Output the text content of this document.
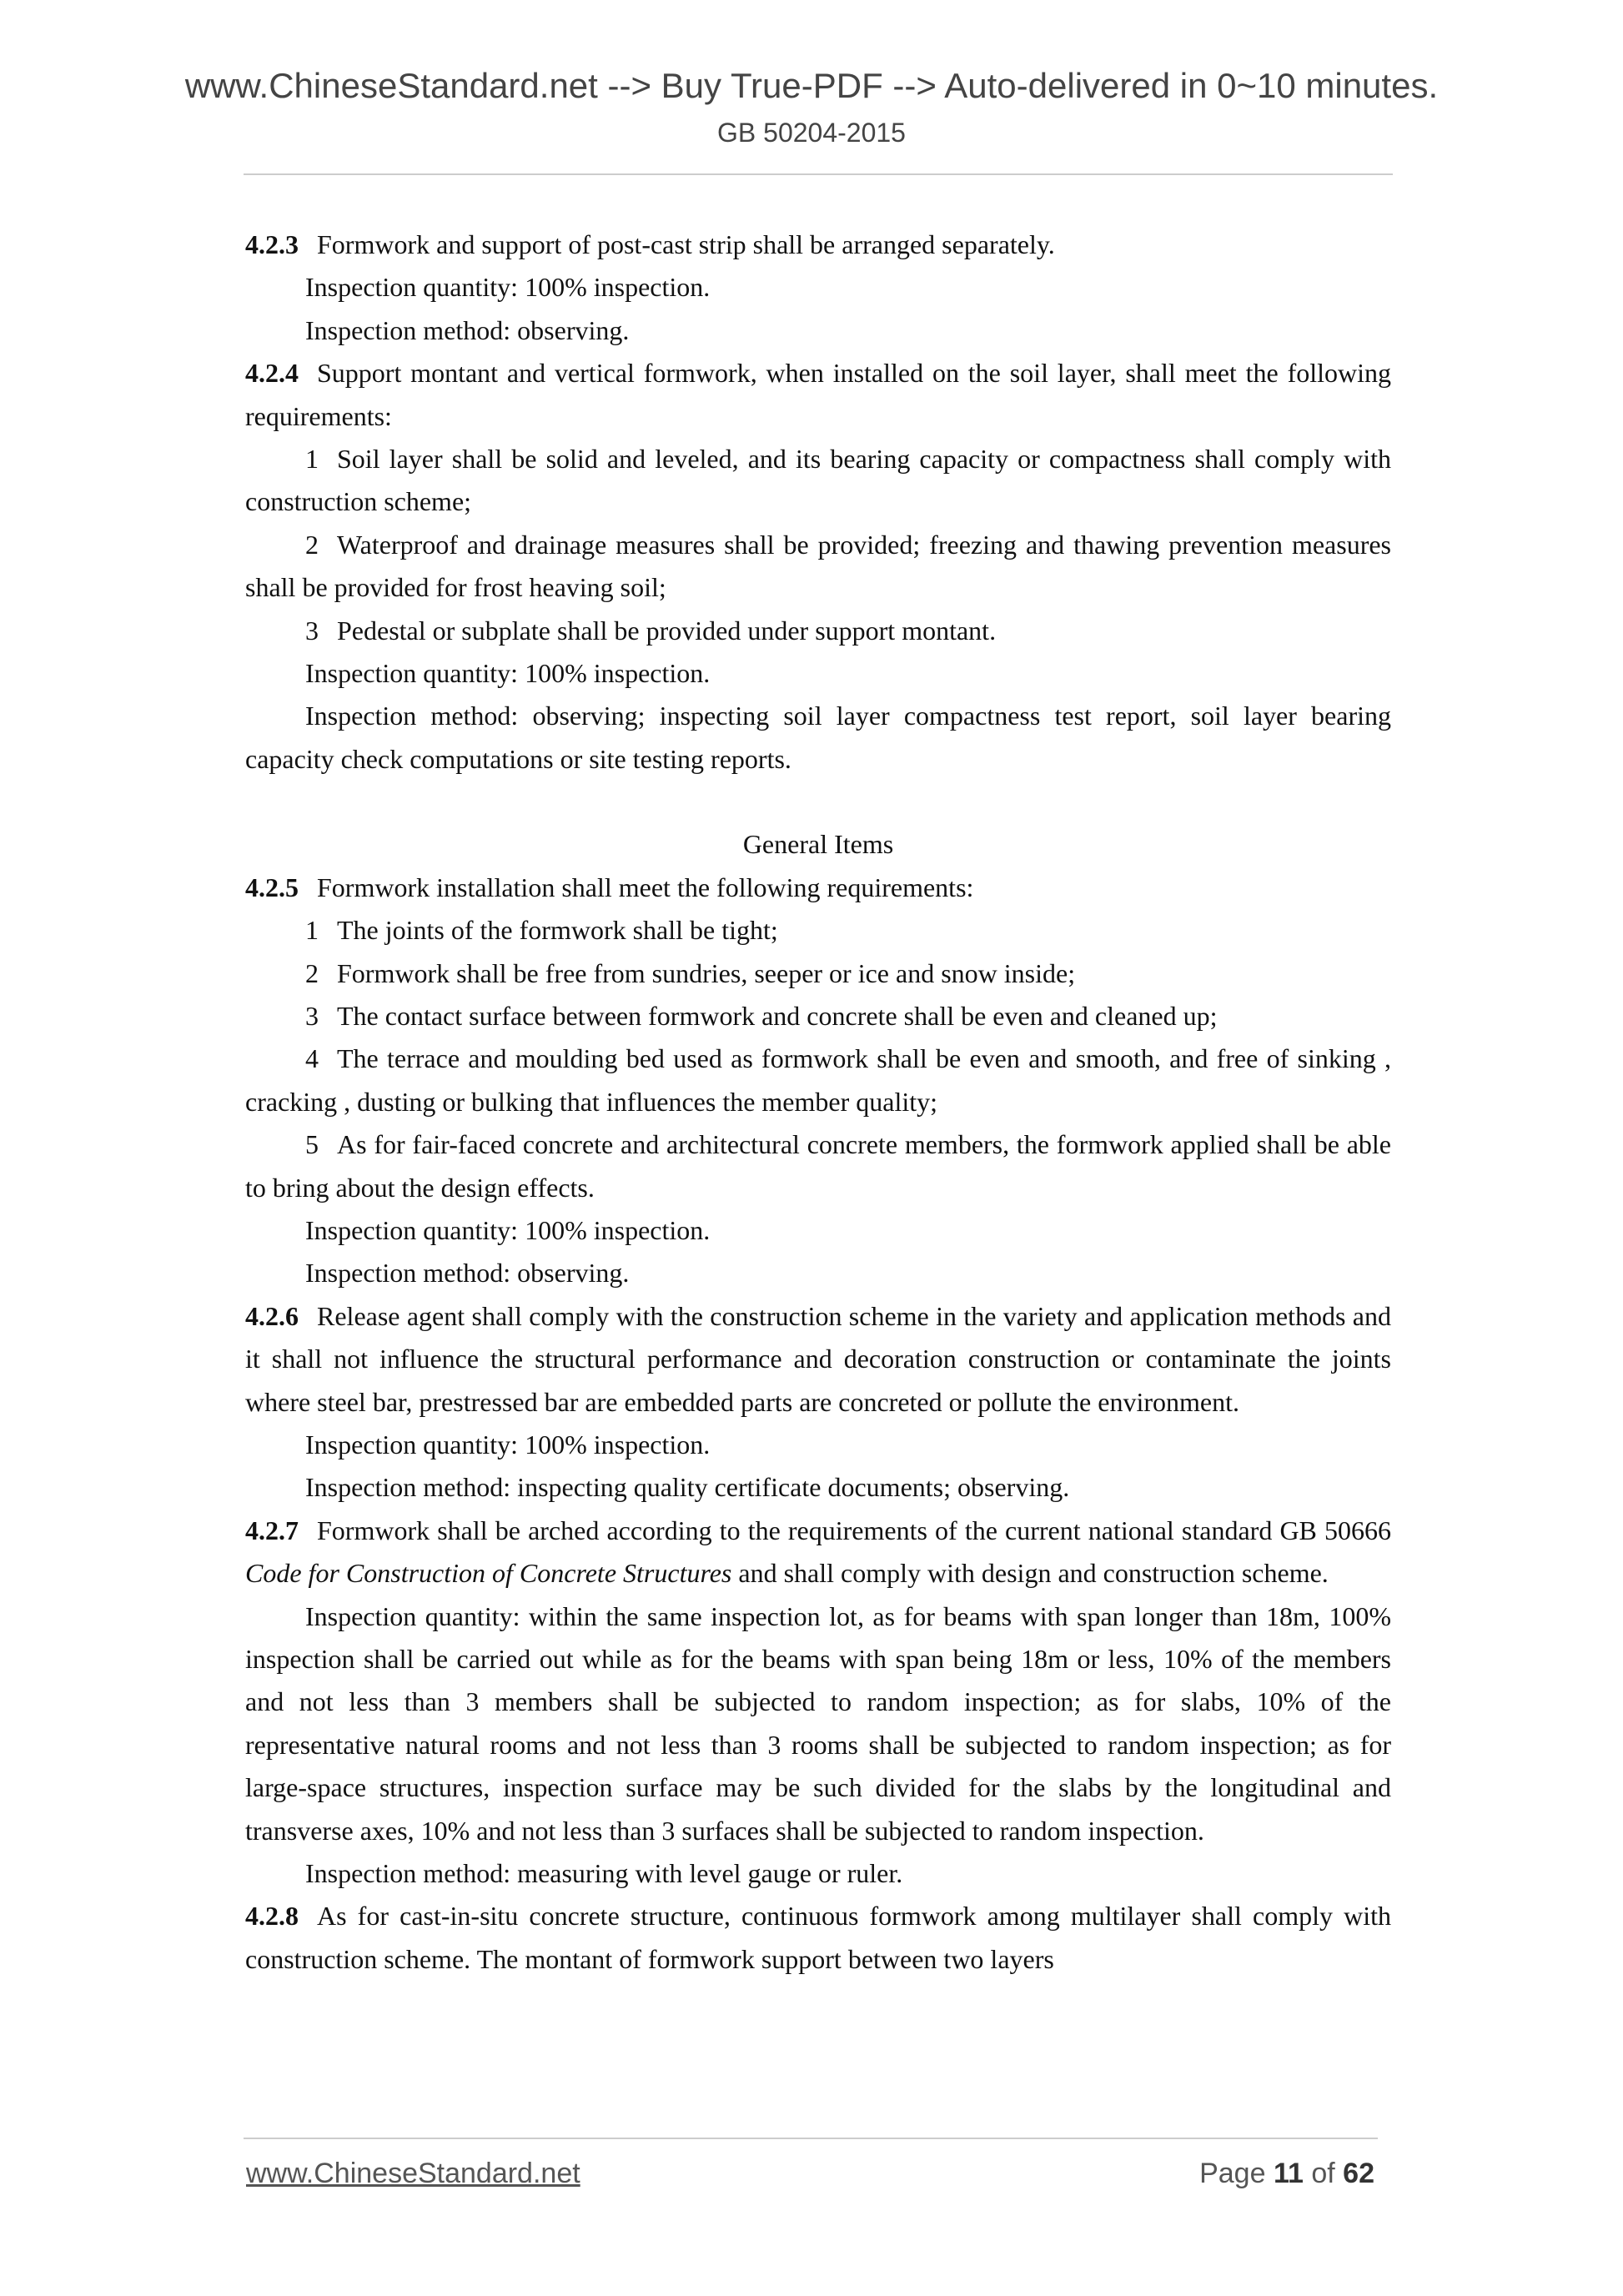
www.ChineseStandard.net --> Buy True-PDF --> Auto-delivered in 0~10 minutes.
GB 50204-2015

4.2.3 Formwork and support of post-cast strip shall be arranged separately.

Inspection quantity: 100% inspection.

Inspection method: observing.

4.2.4 Support montant and vertical formwork, when installed on the soil layer, shall meet the following requirements:

1 Soil layer shall be solid and leveled, and its bearing capacity or compactness shall comply with construction scheme;

2 Waterproof and drainage measures shall be provided; freezing and thawing prevention measures shall be provided for frost heaving soil;

3 Pedestal or subplate shall be provided under support montant.

Inspection quantity: 100% inspection.

Inspection method: observing; inspecting soil layer compactness test report, soil layer bearing capacity check computations or site testing reports.

General Items

4.2.5 Formwork installation shall meet the following requirements:

1 The joints of the formwork shall be tight;

2 Formwork shall be free from sundries, seeper or ice and snow inside;

3 The contact surface between formwork and concrete shall be even and cleaned up;

4 The terrace and moulding bed used as formwork shall be even and smooth, and free of sinking , cracking , dusting or bulking that influences the member quality;

5 As for fair-faced concrete and architectural concrete members, the formwork applied shall be able to bring about the design effects.

Inspection quantity: 100% inspection.

Inspection method: observing.

4.2.6 Release agent shall comply with the construction scheme in the variety and application methods and it shall not influence the structural performance and decoration construction or contaminate the joints where steel bar, prestressed bar are embedded parts are concreted or pollute the environment.

Inspection quantity: 100% inspection.

Inspection method: inspecting quality certificate documents; observing.

4.2.7 Formwork shall be arched according to the requirements of the current national standard GB 50666 Code for Construction of Concrete Structures and shall comply with design and construction scheme.

Inspection quantity: within the same inspection lot, as for beams with span longer than 18m, 100% inspection shall be carried out while as for the beams with span being 18m or less, 10% of the members and not less than 3 members shall be subjected to random inspection; as for slabs, 10% of the representative natural rooms and not less than 3 rooms shall be subjected to random inspection; as for large-space structures, inspection surface may be such divided for the slabs by the longitudinal and transverse axes, 10% and not less than 3 surfaces shall be subjected to random inspection.

Inspection method: measuring with level gauge or ruler.

4.2.8 As for cast-in-situ concrete structure, continuous formwork among multilayer shall comply with construction scheme. The montant of formwork support between two layers

www.ChineseStandard.net	Page 11 of 62
